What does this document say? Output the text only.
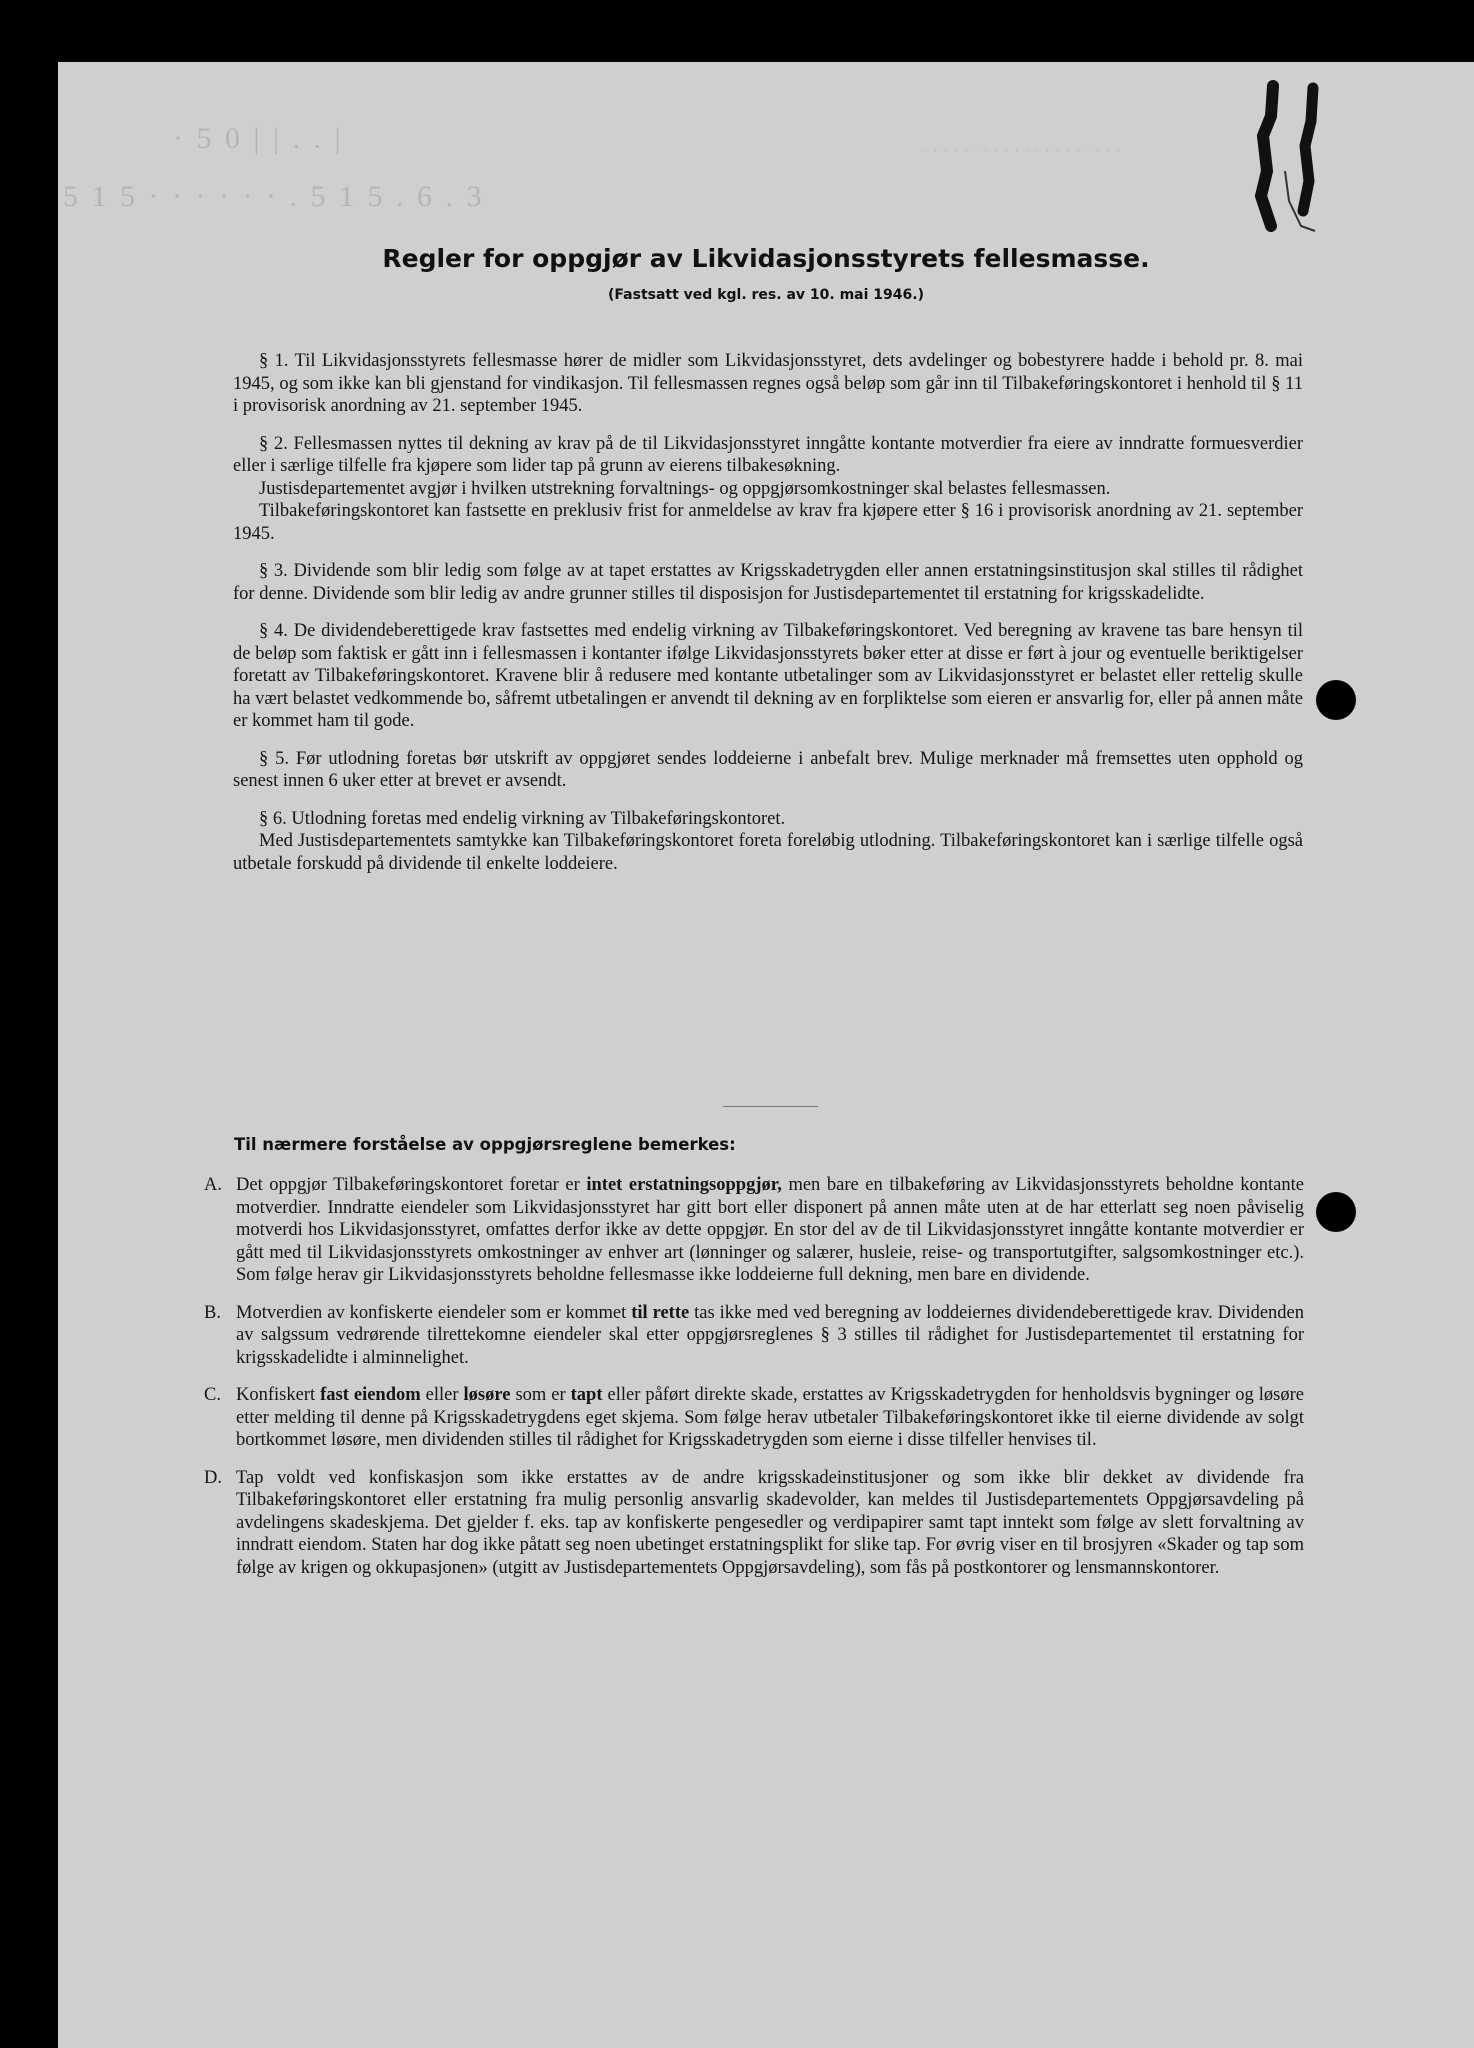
· 5 0 | | . . |
5 1 5 · · · · · · . 5 1 5 . 6 . 3
· · · · · · · · · · · · · · · · · · · ·
Regler for oppgjør av Likvidasjonsstyrets fellesmasse.
(Fastsatt ved kgl. res. av 10. mai 1946.)

§ 1. Til Likvidasjonsstyrets fellesmasse hører de midler som Likvidasjonsstyret, dets avdelinger og bobestyrere hadde i behold pr. 8. mai 1945, og som ikke kan bli gjenstand for vindikasjon. Til fellesmassen regnes også beløp som går inn til Tilbakeføringskontoret i henhold til § 11 i provisorisk anordning av 21. september 1945.

§ 2. Fellesmassen nyttes til dekning av krav på de til Likvidasjonsstyret inngåtte kontante motverdier fra eiere av inndratte formuesverdier eller i særlige tilfelle fra kjøpere som lider tap på grunn av eierens tilbakesøkning.

Justisdepartementet avgjør i hvilken utstrekning forvaltnings- og oppgjørsomkostninger skal belastes fellesmassen.

Tilbakeføringskontoret kan fastsette en preklusiv frist for anmeldelse av krav fra kjøpere etter § 16 i provisorisk anordning av 21. september 1945.

§ 3. Dividende som blir ledig som følge av at tapet erstattes av Krigsskadetrygden eller annen erstatningsinstitusjon skal stilles til rådighet for denne. Dividende som blir ledig av andre grunner stilles til disposisjon for Justisdepartementet til erstatning for krigsskadelidte.

§ 4. De dividendeberettigede krav fastsettes med endelig virkning av Tilbakeføringskontoret. Ved beregning av kravene tas bare hensyn til de beløp som faktisk er gått inn i fellesmassen i kontanter ifølge Likvidasjonsstyrets bøker etter at disse er ført à jour og eventuelle beriktigelser foretatt av Tilbakeføringskontoret. Kravene blir å redusere med kontante utbetalinger som av Likvidasjonsstyret er belastet eller rettelig skulle ha vært belastet vedkommende bo, såfremt utbetalingen er anvendt til dekning av en forpliktelse som eieren er ansvarlig for, eller på annen måte er kommet ham til gode.

§ 5. Før utlodning foretas bør utskrift av oppgjøret sendes loddeierne i anbefalt brev. Mulige merknader må fremsettes uten opphold og senest innen 6 uker etter at brevet er avsendt.

§ 6. Utlodning foretas med endelig virkning av Tilbakeføringskontoret.

Med Justisdepartementets samtykke kan Tilbakeføringskontoret foreta foreløbig utlodning. Tilbakeføringskontoret kan i særlige tilfelle også utbetale forskudd på dividende til enkelte loddeiere.

Til nærmere forståelse av oppgjørsreglene bemerkes:
A. Det oppgjør Tilbakeføringskontoret foretar er intet erstatningsoppgjør, men bare en tilbakeføring av Likvidasjonsstyrets beholdne kontante motverdier. Inndratte eiendeler som Likvidasjonsstyret har gitt bort eller disponert på annen måte uten at de har etterlatt seg noen påviselig motverdi hos Likvidasjonsstyret, omfattes derfor ikke av dette oppgjør. En stor del av de til Likvidasjonsstyret inngåtte kontante motverdier er gått med til Likvidasjonsstyrets omkostninger av enhver art (lønninger og salærer, husleie, reise- og transportutgifter, salgsomkostninger etc.). Som følge herav gir Likvidasjonsstyrets beholdne fellesmasse ikke loddeierne full dekning, men bare en dividende.
B. Motverdien av konfiskerte eiendeler som er kommet til rette tas ikke med ved beregning av loddeiernes dividendeberettigede krav. Dividenden av salgssum vedrørende tilrettekomne eiendeler skal etter oppgjørsreglenes § 3 stilles til rådighet for Justisdepartementet til erstatning for krigsskadelidte i alminnelighet.
C. Konfiskert fast eiendom eller løsøre som er tapt eller påført direkte skade, erstattes av Krigsskadetrygden for henholdsvis bygninger og løsøre etter melding til denne på Krigsskadetrygdens eget skjema. Som følge herav utbetaler Tilbakeføringskontoret ikke til eierne dividende av solgt bortkommet løsøre, men dividenden stilles til rådighet for Krigsskadetrygden som eierne i disse tilfeller henvises til.
D. Tap voldt ved konfiskasjon som ikke erstattes av de andre krigsskadeinstitusjoner og som ikke blir dekket av dividende fra Tilbakeføringskontoret eller erstatning fra mulig personlig ansvarlig skadevolder, kan meldes til Justisdepartementets Oppgjørsavdeling på avdelingens skadeskjema. Det gjelder f. eks. tap av konfiskerte pengesedler og verdipapirer samt tapt inntekt som følge av slett forvaltning av inndratt eiendom. Staten har dog ikke påtatt seg noen ubetinget erstatningsplikt for slike tap. For øvrig viser en til brosjyren «Skader og tap som følge av krigen og okkupasjonen» (utgitt av Justisdepartementets Oppgjørsavdeling), som fås på postkontorer og lensmannskontorer.
